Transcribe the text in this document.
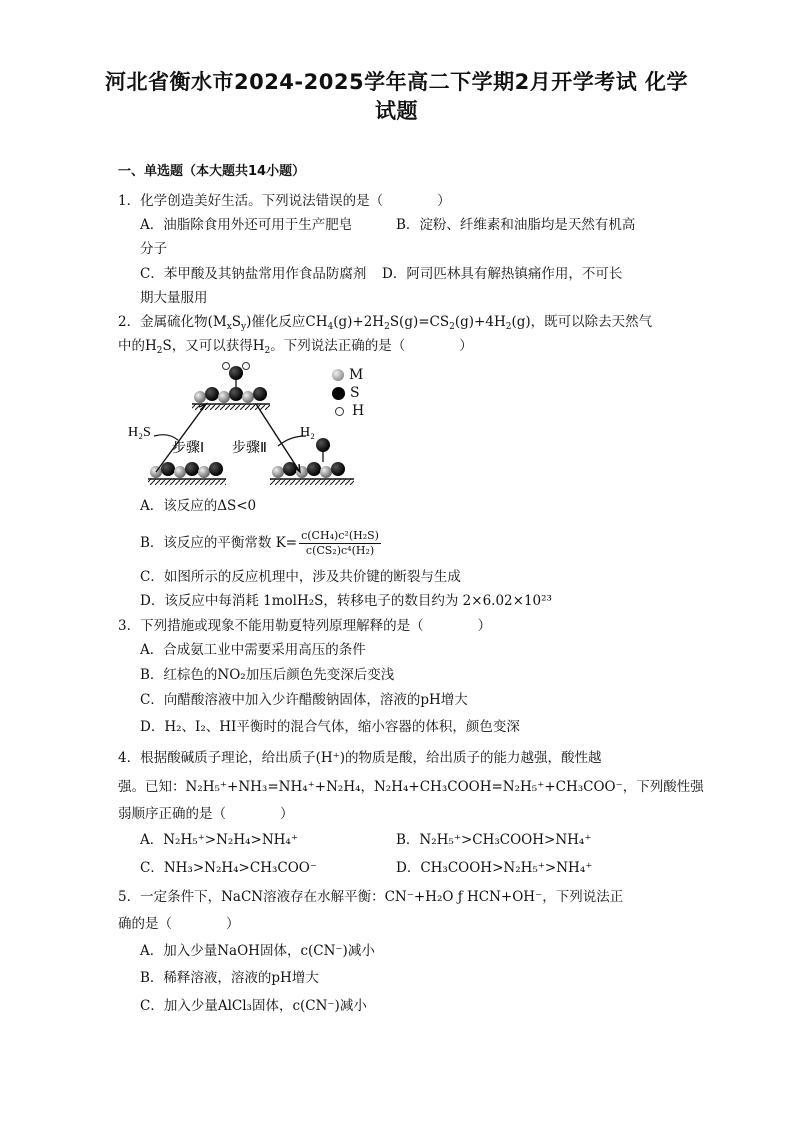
河北省衡水市2024-2025学年高二下学期2月开学考试 化学试题
一、单选题（本大题共14小题）
1．化学创造美好生活。下列说法错误的是（　　　　）
A．油脂除食用外还可用于生产肥皂	B．淀粉、纤维素和油脂均是天然有机高
分子
C．苯甲酸及其钠盐常用作食品防腐剂 D．阿司匹林具有解热镇痛作用，不可长
期大量服用
2．金属硫化物$(M_xS_y)$催化反应$CH_4(g)+2H_2S(g)=CS_2(g)+4H_2(g)$，既可以除去天然气
中的$H_2S$，又可以获得$H_2$。下列说法正确的是（　　　　）
H₂S
步骤Ⅰ 步骤Ⅱ
H₂
M
S
H
A．该反应的ΔS<0
B．该反应的平衡常数 $K= \frac{\text{c(CH₄)c²(H₂S)}}{\text{c(CS₂)c⁴(H₂)}}$
C．如图所示的反应机理中，涉及共价键的断裂与生成
D．该反应中每消耗 1molH₂S，转移电子的数目约为 2×6.02×10²³
3．下列措施或现象不能用勒夏特列原理解释的是（　　　　）
A．合成氨工业中需要采用高压的条件
B．红棕色的NO₂加压后颜色先变深后变浅
C．向醋酸溶液中加入少许醋酸钠固体，溶液的pH增大
D．H₂、I₂、HI平衡时的混合气体，缩小容器的体积，颜色变深
4．根据酸碱质子理论，给出质子(H⁺)的物质是酸，给出质子的能力越强，酸性越
强。已知：N₂H₅⁺+NH₃=NH₄⁺+N₂H₄，N₂H₄+CH₃COOH=N₂H₅⁺+CH₃COO⁻，下列酸性强
弱顺序正确的是（　　　　）
A．N₂H₅⁺>N₂H₄>NH₄⁺	B．N₂H₅⁺>CH₃COOH>NH₄⁺
C．NH₃>N₂H₄>CH₃COO⁻	D．CH₃COOH>N₂H₅⁺>NH₄⁺
5．一定条件下，NaCN溶液存在水解平衡：CN⁻+H₂O ƒ HCN+OH⁻，下列说法正
确的是（　　　　）
A．加入少量NaOH固体，c(CN⁻)减小
B．稀释溶液，溶液的pH增大
C．加入少量AlCl₃固体，c(CN⁻)减小
